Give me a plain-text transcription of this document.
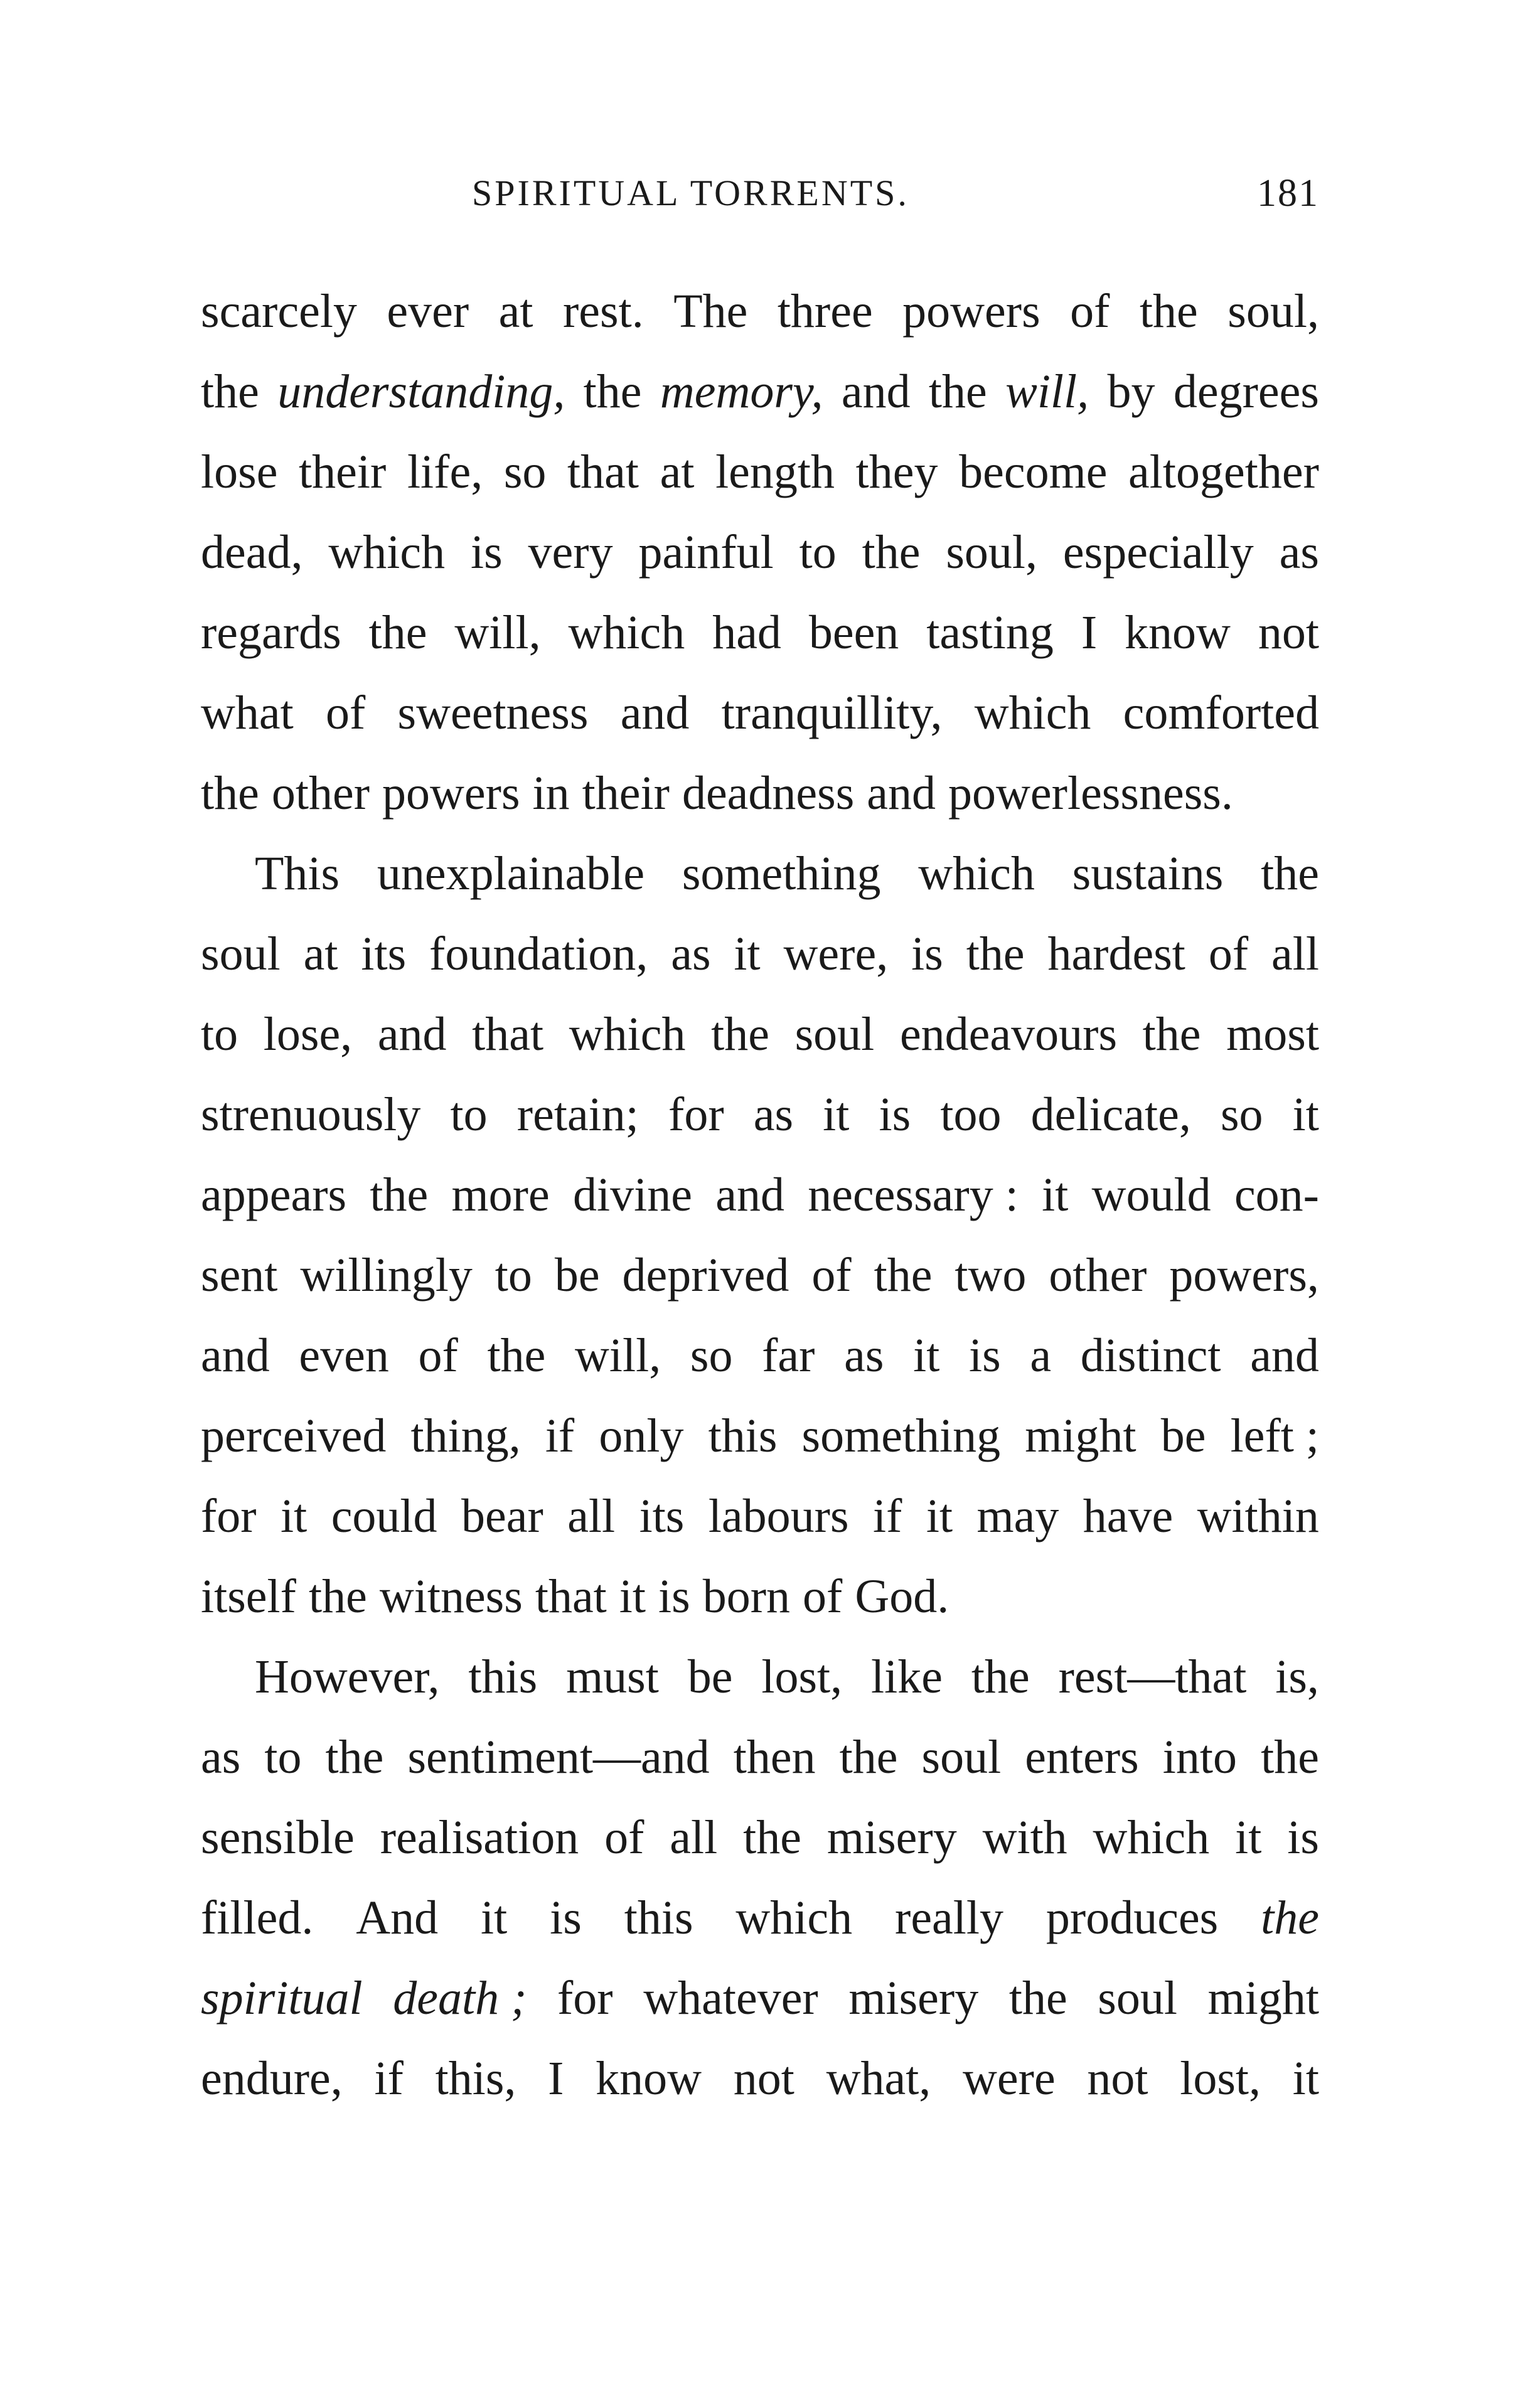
SPIRITUAL TORRENTS.	181
scarcely ever at rest. The three powers of the soul,
the understanding, the memory, and the will, by degrees
lose their life, so that at length they become altogether
dead, which is very painful to the soul, especially as
regards the will, which had been tasting I know not
what of sweetness and tranquillity, which comforted
the other powers in their deadness and powerlessness.
This unexplainable something which sustains the
soul at its foundation, as it were, is the hardest of all
to lose, and that which the soul endeavours the most
strenuously to retain; for as it is too delicate, so it
appears the more divine and necessary : it would con-
sent willingly to be deprived of the two other powers,
and even of the will, so far as it is a distinct and
perceived thing, if only this something might be left ;
for it could bear all its labours if it may have within
itself the witness that it is born of God.
However, this must be lost, like the rest—that is,
as to the sentiment—and then the soul enters into the
sensible realisation of all the misery with which it is
filled. And it is this which really produces the
spiritual death ; for whatever misery the soul might
endure, if this, I know not what, were not lost, it
